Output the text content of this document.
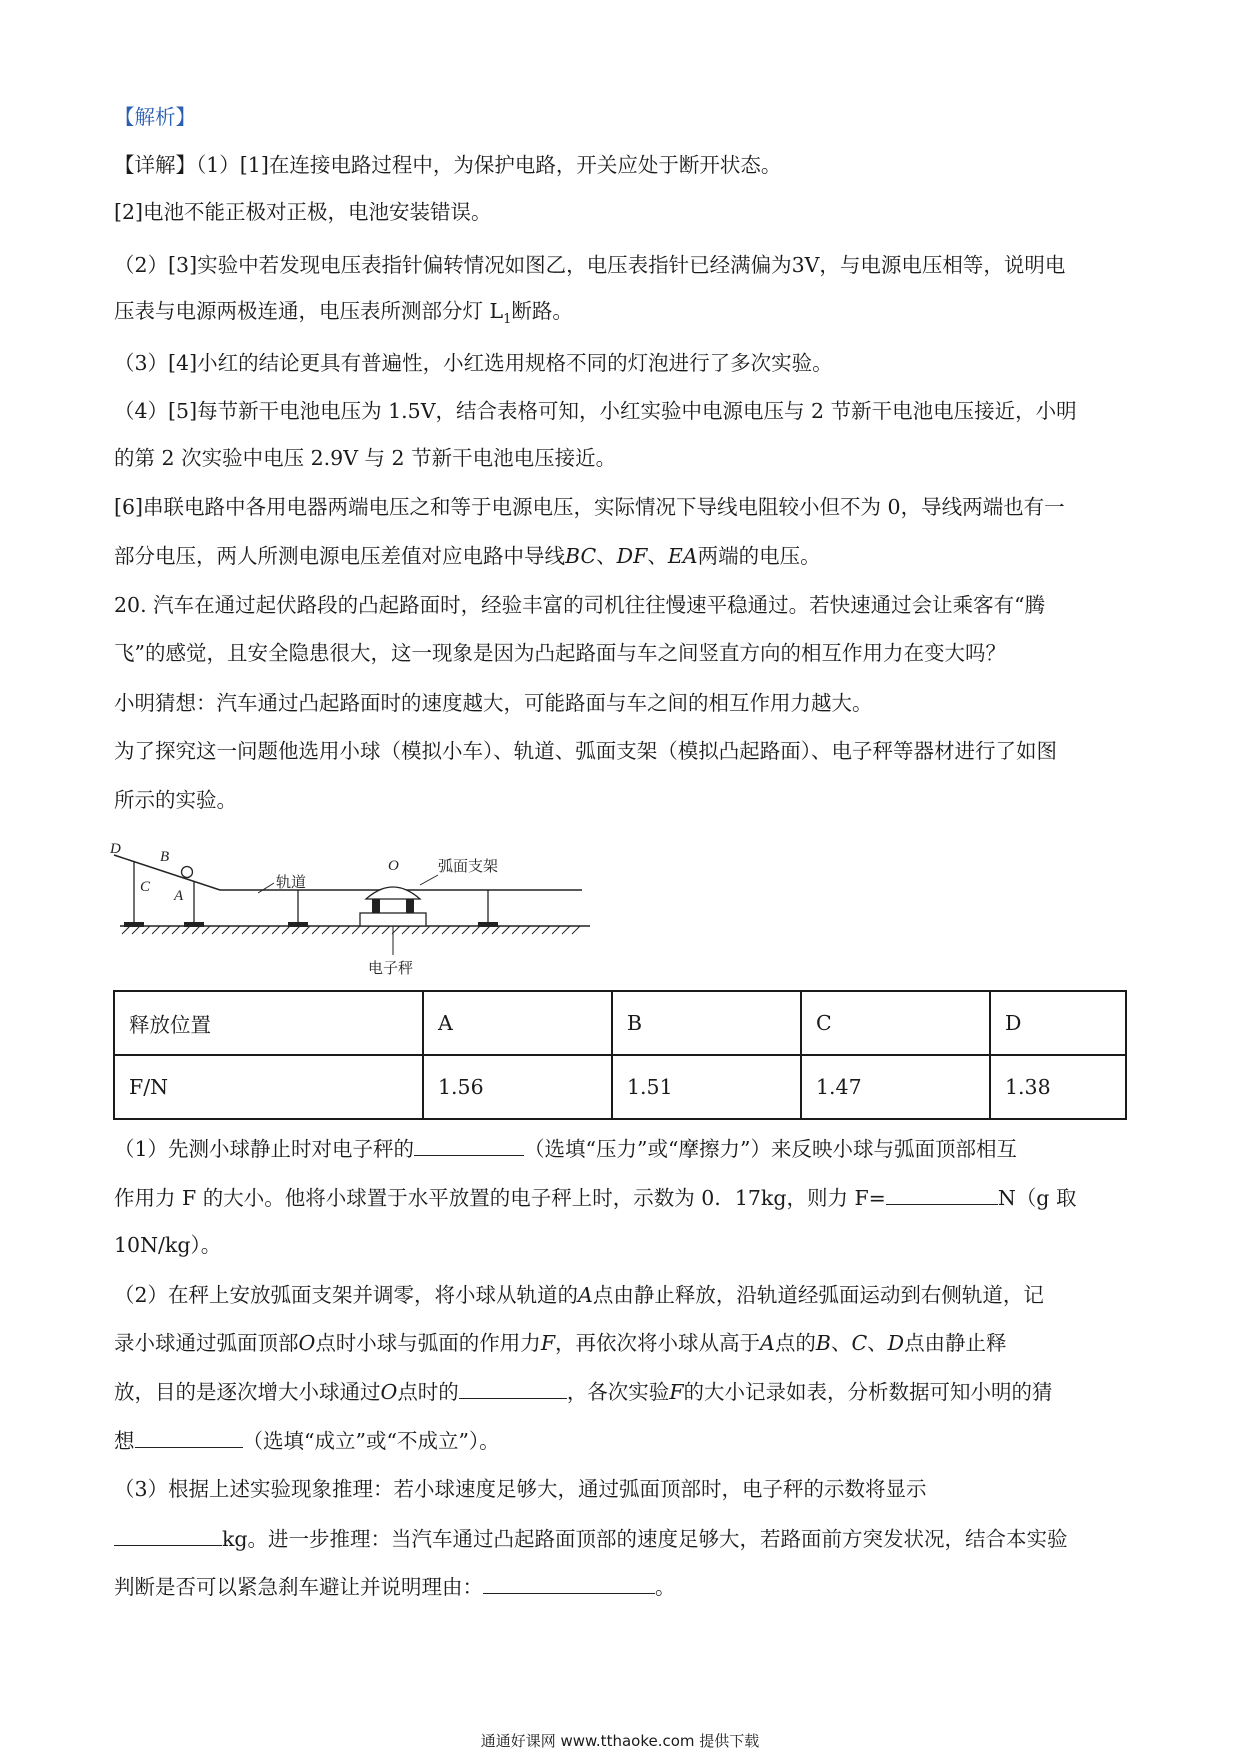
【解析】
【详解】（1）[1]在连接电路过程中，为保护电路，开关应处于断开状态。
[2]电池不能正极对正极，电池安装错误。
（2）[3]实验中若发现电压表指针偏转情况如图乙，电压表指针已经满偏为3V，与电源电压相等，说明电
压表与电源两极连通，电压表所测部分灯 $L_1$断路。
（3）[4]小红的结论更具有普遍性，小红选用规格不同的灯泡进行了多次实验。
（4）[5]每节新干电池电压为 1.5V，结合表格可知，小红实验中电源电压与 2 节新干电池电压接近，小明
的第 2 次实验中电压 2.9V 与 2 节新干电池电压接近。
[6]串联电路中各用电器两端电压之和等于电源电压，实际情况下导线电阻较小但不为 0，导线两端也有一
部分电压，两人所测电源电压差值对应电路中导线BC、DF、EA两端的电压。
20. 汽车在通过起伏路段的凸起路面时，经验丰富的司机往往慢速平稳通过。若快速通过会让乘客有“腾
飞”的感觉，且安全隐患很大，这一现象是因为凸起路面与车之间竖直方向的相互作用力在变大吗？
小明猜想：汽车通过凸起路面时的速度越大，可能路面与车之间的相互作用力越大。
为了探究这一问题他选用小球（模拟小车）、轨道、弧面支架（模拟凸起路面）、电子秤等器材进行了如图
所示的实验。
D	B
C
A
O
轨道
弧面支架
电子秤
释放位置	A	B	C	D
F/N	1.56	1.51	1.47	1.38
（1）先测小球静止时对电子秤的	（选填“压力”或“摩擦力”）来反映小球与弧面顶部相互
作用力 F 的大小。他将小球置于水平放置的电子秤上时，示数为 0．17kg，则力 F=	N（g 取
10N/kg）。
（2）在秤上安放弧面支架并调零，将小球从轨道的A点由静止释放，沿轨道经弧面运动到右侧轨道，记
录小球通过弧面顶部O点时小球与弧面的作用力F，再依次将小球从高于A点的B、C、D点由静止释
放，目的是逐次增大小球通过O点时的	，各次实验F的大小记录如表，分析数据可知小明的猜
想	（选填“成立”或“不成立”）。
（3）根据上述实验现象推理：若小球速度足够大，通过弧面顶部时，电子秤的示数将显示
kg。进一步推理：当汽车通过凸起路面顶部的速度足够大，若路面前方突发状况，结合本实验
判断是否可以紧急刹车避让并说明理由：	。
通通好课网 www.tthaoke.com 提供下载
